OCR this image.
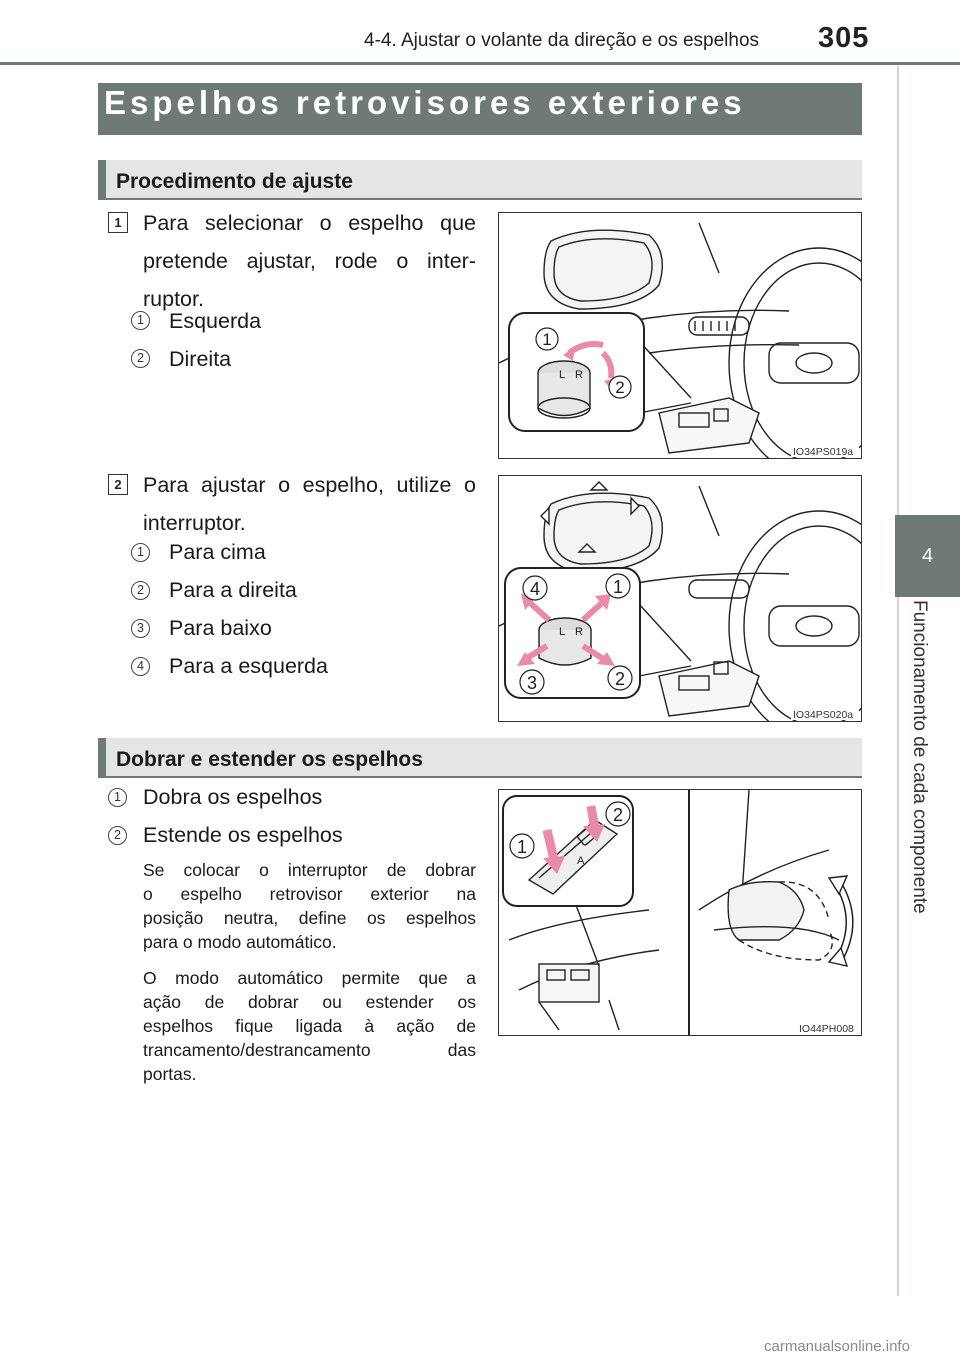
4-4. Ajustar o volante da direção e os espelhos 305
4
Funcionamento de cada componente
Espelhos retrovisores exteriores
Procedimento de ajuste
1 Para selecionar o espelho que
pretende ajustar, rode o inter-
ruptor.
1 Esquerda
2 Direita
L R
1
2
IO34PS019a
2 Para ajustar o espelho, utilize o
interruptor.
1 Para cima
2 Para a direita
3 Para baixo
4 Para a esquerda
L R
1
2
3
4
IO34PS020a
Dobrar e estender os espelhos
1 Dobra os espelhos
2 Estende os espelhos
Se colocar o interruptor de dobrar
o espelho retrovisor exterior na
posição neutra, define os espelhos
para o modo automático.
O modo automático permite que a
ação de dobrar ou estender os
espelhos fique ligada à ação de
trancamento/destrancamento das
portas.
A
1
2
IO44PH008
carmanualsonline.info
